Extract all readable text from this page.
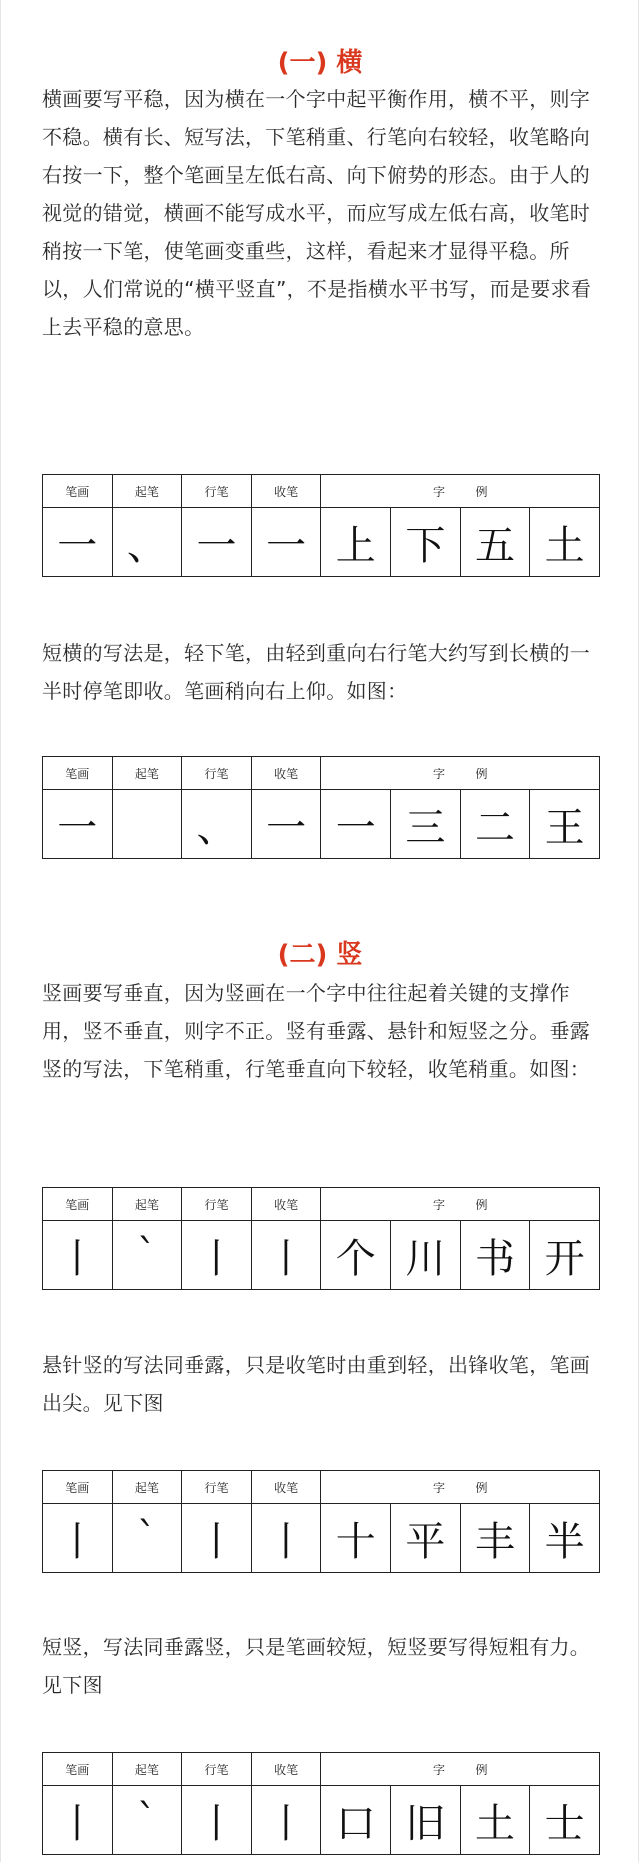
(一) 横
横画要写平稳，因为横在一个字中起平衡作用，横不平，则字不稳。横有长、短写法，下笔稍重、行笔向右较轻，收笔略向右按一下，整个笔画呈左低右高、向下俯势的形态。由于人的视觉的错觉，横画不能写成水平，而应写成左低右高，收笔时稍按一下笔，使笔画变重些，这样，看起来才显得平稳。所以，人们常说的“横平竖直”，不是指横水平书写，而是要求看上去平稳的意思。
笔画	起笔	行笔	收笔	字        例			
一	、	一	一	上	下	五	土
短横的写法是，轻下笔，由轻到重向右行笔大约写到长横的一半时停笔即收。笔画稍向右上仰。如图：
笔画	起笔	行笔	收笔	字        例			
一		、	一	一	三	二	王
(二) 竖
竖画要写垂直，因为竖画在一个字中往往起着关键的支撑作用，竖不垂直，则字不正。竖有垂露、悬针和短竖之分。垂露竖的写法，下笔稍重，行笔垂直向下较轻，收笔稍重。如图：
笔画	起笔	行笔	收笔	字        例			
丨	ˋ	丨	丨	个	川	书	开
悬针竖的写法同垂露，只是收笔时由重到轻，出锋收笔，笔画出尖。见下图
笔画	起笔	行笔	收笔	字        例			
丨	ˋ	丨	丨	十	平	丰	半
短竖，写法同垂露竖，只是笔画较短，短竖要写得短粗有力。见下图
笔画	起笔	行笔	收笔	字        例			
丨	ˋ	丨	丨	口	旧	土	士
